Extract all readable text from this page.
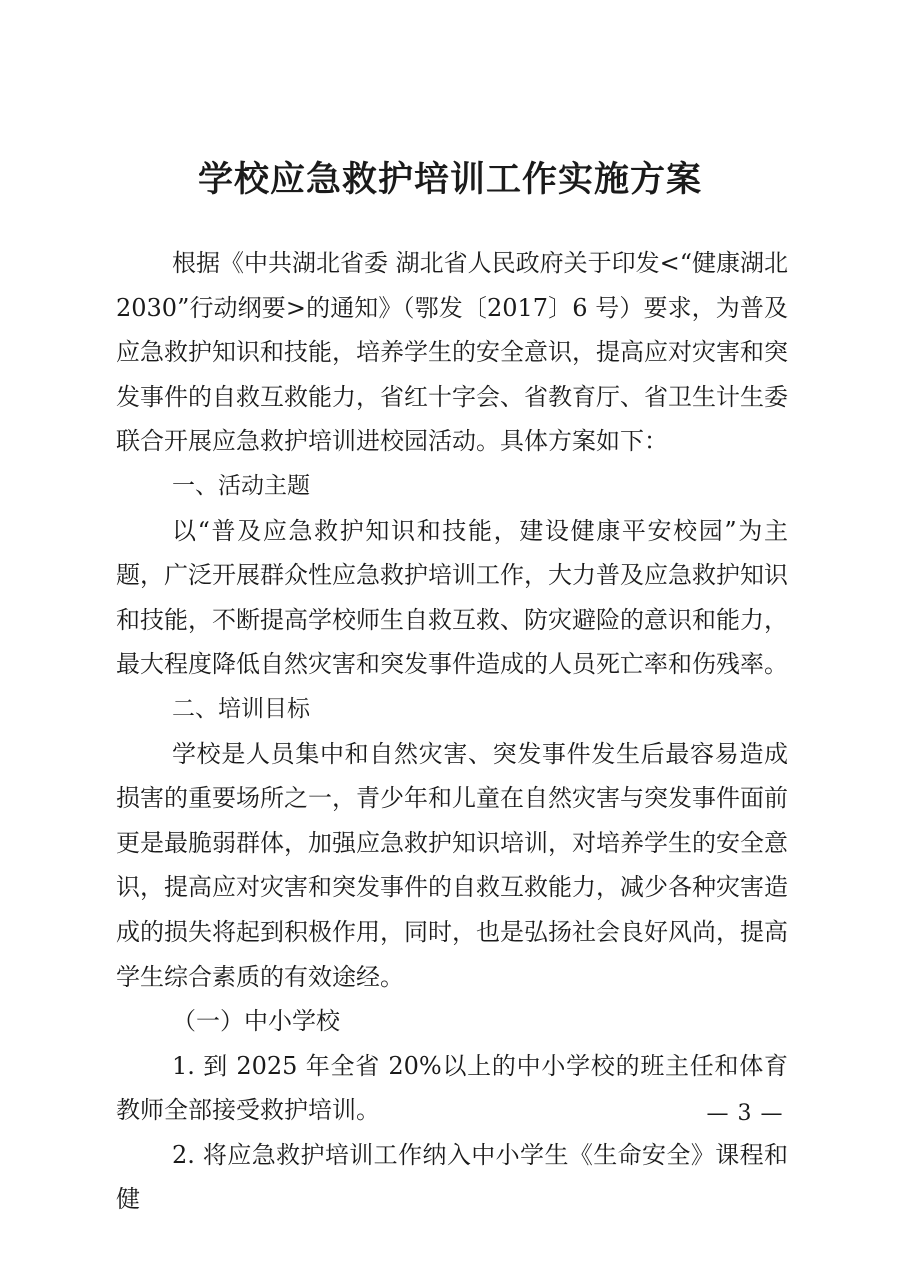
学校应急救护培训工作实施方案

根据《中共湖北省委 湖北省人民政府关于印发<“健康湖北2030”行动纲要>的通知》（鄂发〔2017〕6 号）要求，为普及应急救护知识和技能，培养学生的安全意识，提高应对灾害和突发事件的自救互救能力，省红十字会、省教育厅、省卫生计生委联合开展应急救护培训进校园活动。具体方案如下：

一、活动主题

以“普及应急救护知识和技能，建设健康平安校园”为主题，广泛开展群众性应急救护培训工作，大力普及应急救护知识和技能，不断提高学校师生自救互救、防灾避险的意识和能力，最大程度降低自然灾害和突发事件造成的人员死亡率和伤残率。

二、培训目标

学校是人员集中和自然灾害、突发事件发生后最容易造成损害的重要场所之一，青少年和儿童在自然灾害与突发事件面前更是最脆弱群体，加强应急救护知识培训，对培养学生的安全意识，提高应对灾害和突发事件的自救互救能力，减少各种灾害造成的损失将起到积极作用，同时，也是弘扬社会良好风尚，提高学生综合素质的有效途经。

（一）中小学校

1. 到 2025 年全省 20%以上的中小学校的班主任和体育教师全部接受救护培训。

2. 将应急救护培训工作纳入中小学生《生命安全》课程和健

— 3 —
